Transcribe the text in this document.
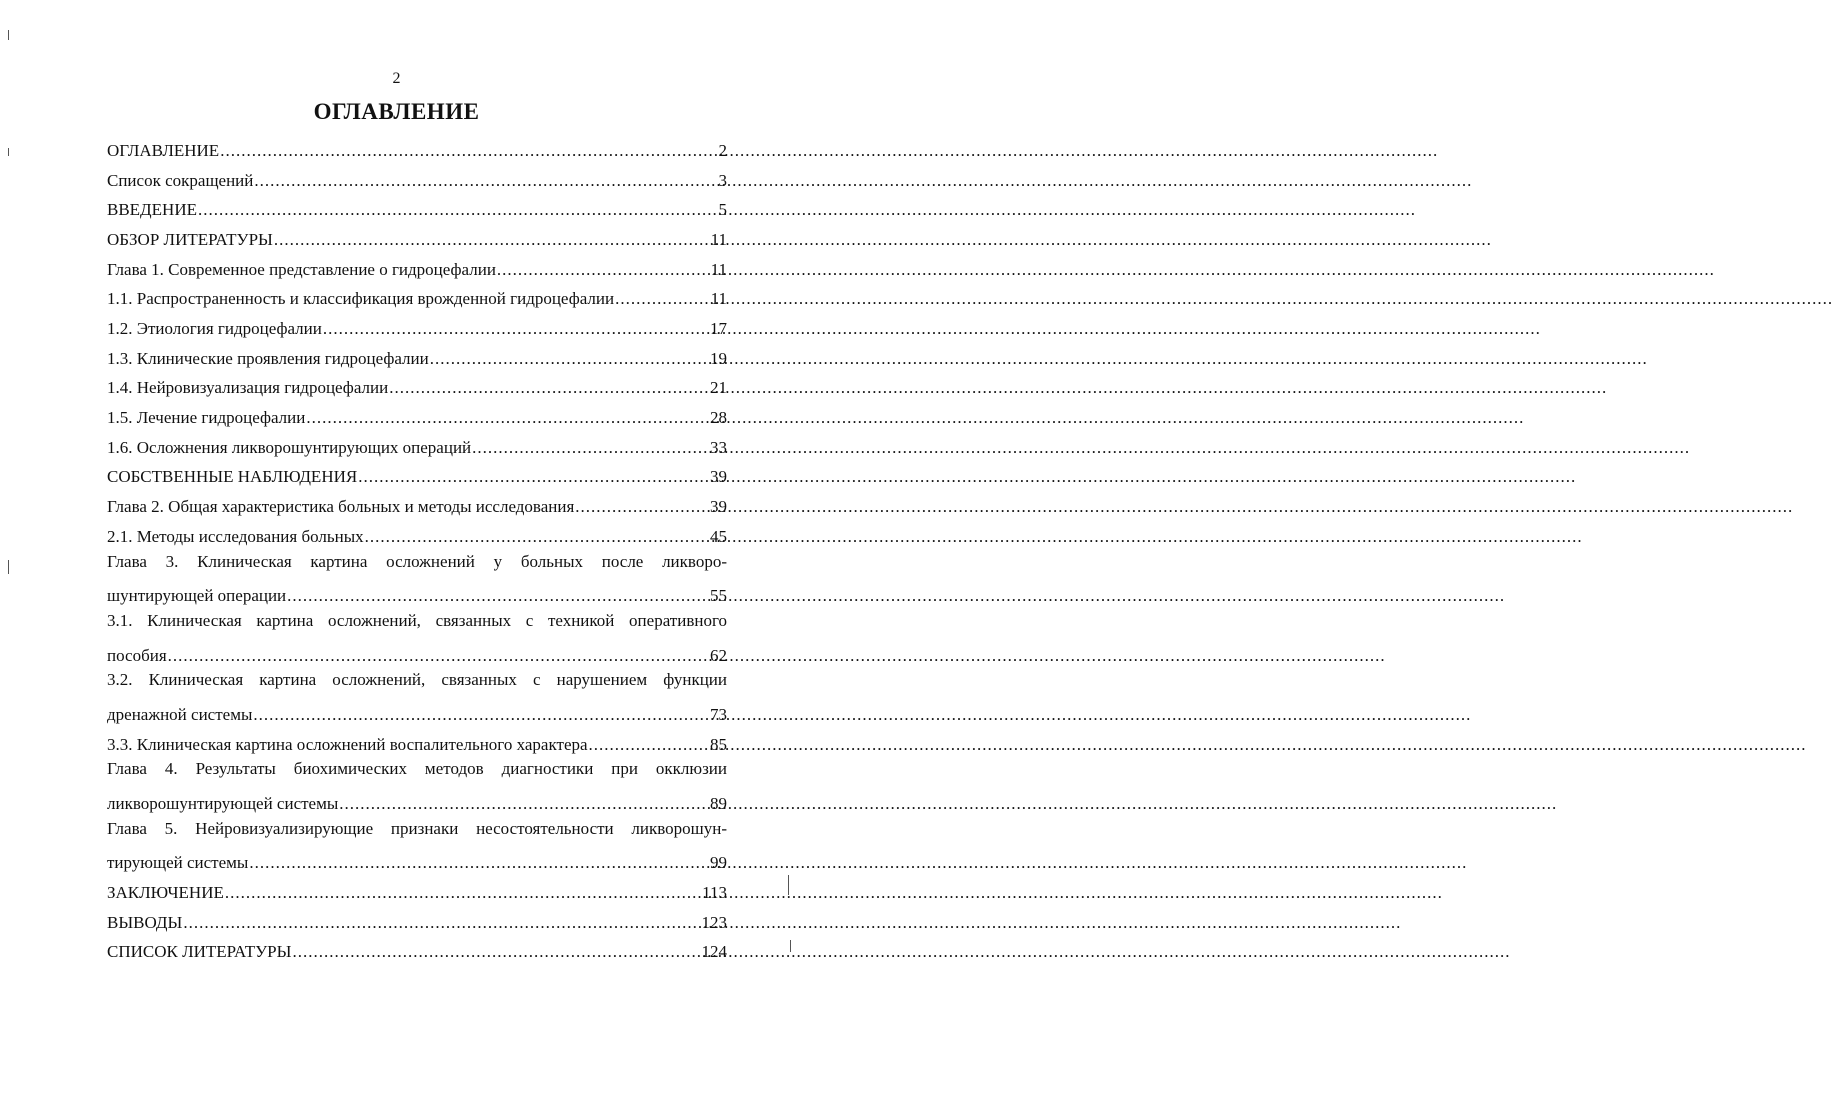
2
ОГЛАВЛЕНИЕ
ОГЛАВЛЕНИЕ .....	2
Список сокращений .....	3
ВВЕДЕНИЕ .....	5
ОБЗОР ЛИТЕРАТУРЫ .....	11
Глава 1. Современное представление о гидроцефалии .....	11
1.1. Распространенность и классификация врожденной гидроцефалии .....	11
1.2. Этиология гидроцефалии .....	17
1.3. Клинические проявления гидроцефалии .....	19
1.4. Нейровизуализация гидроцефалии .....	21
1.5. Лечение гидроцефалии .....	28
1.6. Осложнения ликворошунтирующих операций .....	33
СОБСТВЕННЫЕ НАБЛЮДЕНИЯ .....	39
Глава 2. Общая характеристика больных и методы исследования .....	39
2.1. Методы исследования больных .....	45
Глава 3. Клиническая картина осложнений у больных после ликворо-
шунтирующей операции .....	55
3.1. Клиническая картина осложнений, связанных с техникой оперативного
пособия .....	62
3.2. Клиническая картина осложнений, связанных с нарушением функции
дренажной системы .....	73
3.3. Клиническая картина осложнений воспалительного характера .....	85
Глава 4. Результаты биохимических методов диагностики при окклюзии
ликворошунтирующей системы .....	89
Глава 5. Нейровизуализирующие признаки несостоятельности ликворошун-
тирующей системы .....	99
ЗАКЛЮЧЕНИЕ .....	113
ВЫВОДЫ .....	123
СПИСОК ЛИТЕРАТУРЫ .....	124
